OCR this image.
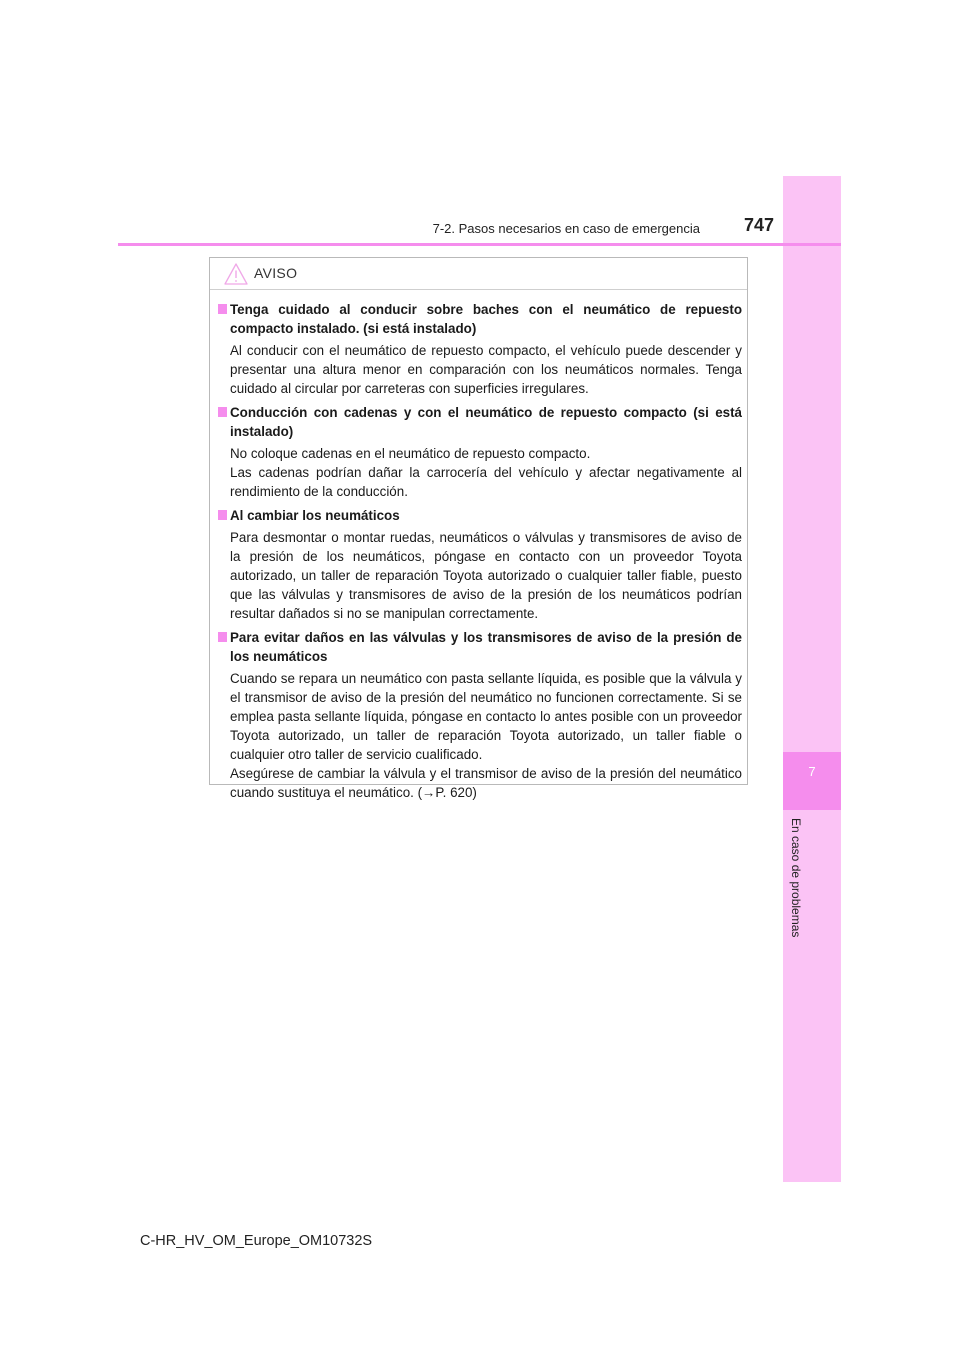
7
En caso de problemas
7-2. Pasos necesarios en caso de emergencia	747
AVISO
Tenga cuidado al conducir sobre baches con el neumático de repuesto compacto instalado. (si está instalado)

Al conducir con el neumático de repuesto compacto, el vehículo puede descender y presentar una altura menor en comparación con los neumáticos normales. Tenga cuidado al circular por carreteras con superficies irregulares.

Conducción con cadenas y con el neumático de repuesto compacto (si está instalado)

No coloque cadenas en el neumático de repuesto compacto.

Las cadenas podrían dañar la carrocería del vehículo y afectar negativamente al rendimiento de la conducción.

Al cambiar los neumáticos

Para desmontar o montar ruedas, neumáticos o válvulas y transmisores de aviso de la presión de los neumáticos, póngase en contacto con un proveedor Toyota autorizado, un taller de reparación Toyota autorizado o cualquier taller fiable, puesto que las válvulas y transmisores de aviso de la presión de los neumáticos podrían resultar dañados si no se manipulan correctamente.

Para evitar daños en las válvulas y los transmisores de aviso de la presión de los neumáticos

Cuando se repara un neumático con pasta sellante líquida, es posible que la válvula y el transmisor de aviso de la presión del neumático no funcionen correctamente. Si se emplea pasta sellante líquida, póngase en contacto lo antes posible con un proveedor Toyota autorizado, un taller de reparación Toyota autorizado, un taller fiable o cualquier otro taller de servicio cualificado.

Asegúrese de cambiar la válvula y el transmisor de aviso de la presión del neumático cuando sustituya el neumático. (→P. 620)

C-HR_HV_OM_Europe_OM10732S
